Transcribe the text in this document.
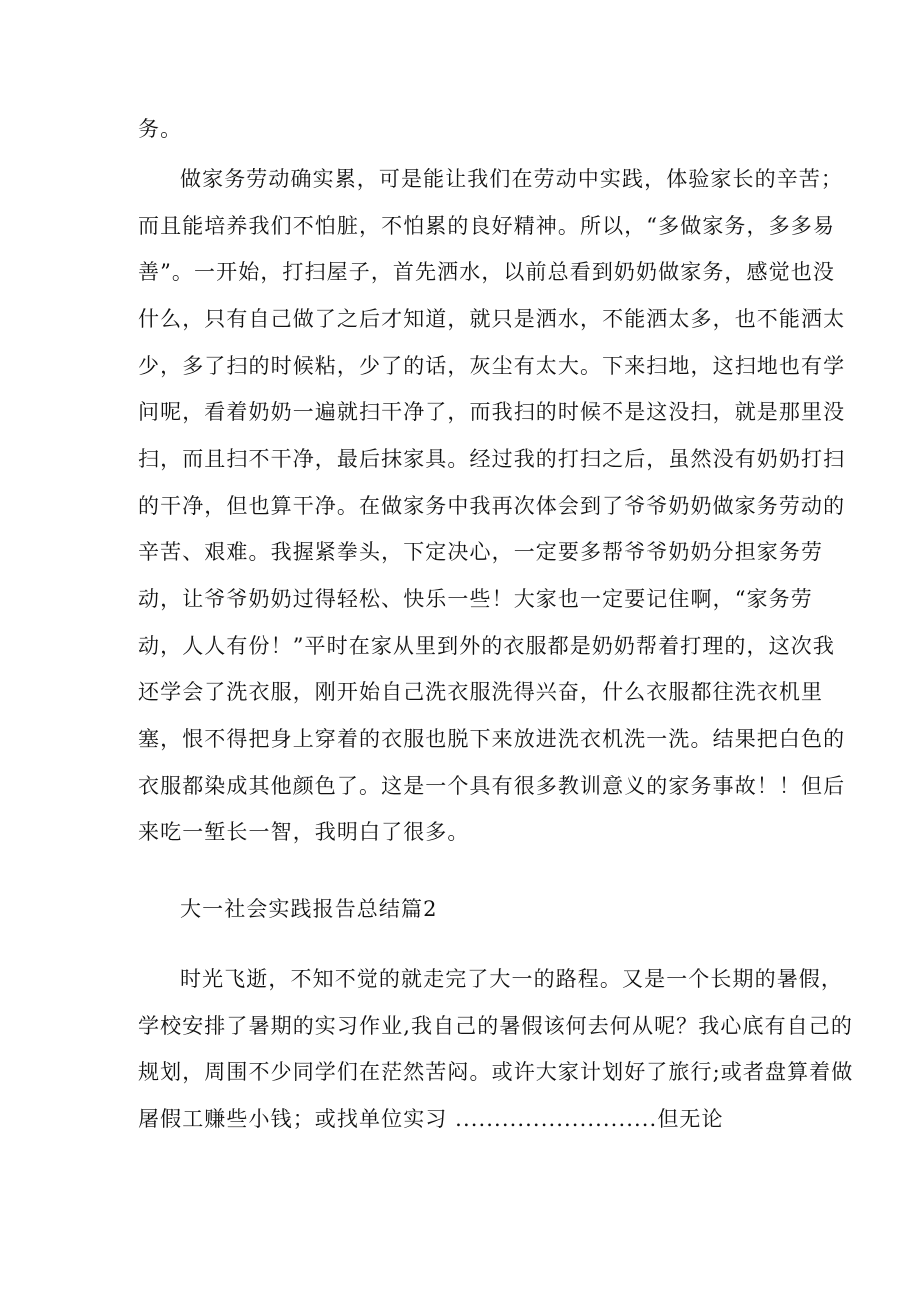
务。
做家务劳动确实累，可是能让我们在劳动中实践，体验家长的辛苦；
而且能培养我们不怕脏，不怕累的良好精神。所以，“多做家务，多多易
善”。一开始，打扫屋子，首先洒水，以前总看到奶奶做家务，感觉也没
什么，只有自己做了之后才知道，就只是洒水，不能洒太多，也不能洒太
少，多了扫的时候粘，少了的话，灰尘有太大。下来扫地，这扫地也有学
问呢，看着奶奶一遍就扫干净了，而我扫的时候不是这没扫，就是那里没
扫，而且扫不干净，最后抹家具。经过我的打扫之后，虽然没有奶奶打扫
的干净，但也算干净。在做家务中我再次体会到了爷爷奶奶做家务劳动的
辛苦、艰难。我握紧拳头，下定决心，一定要多帮爷爷奶奶分担家务劳
动，让爷爷奶奶过得轻松、快乐一些！大家也一定要记住啊，“家务劳
动，人人有份！”平时在家从里到外的衣服都是奶奶帮着打理的，这次我
还学会了洗衣服，刚开始自己洗衣服洗得兴奋，什么衣服都往洗衣机里
塞，恨不得把身上穿着的衣服也脱下来放进洗衣机洗一洗。结果把白色的
衣服都染成其他颜色了。这是一个具有很多教训意义的家务事故！！但后
来吃一堑长一智，我明白了很多。
大一社会实践报告总结篇2
时光飞逝，不知不觉的就走完了大一的路程。又是一个长期的暑假，
学校安排了暑期的实习作业,我自己的暑假该何去何从呢？我心底有自己的
规划，周围不少同学们在茫然苦闷。或许大家计划好了旅行;或者盘算着做
屠假工赚些小钱；或找单位实习 ..........................但无论
